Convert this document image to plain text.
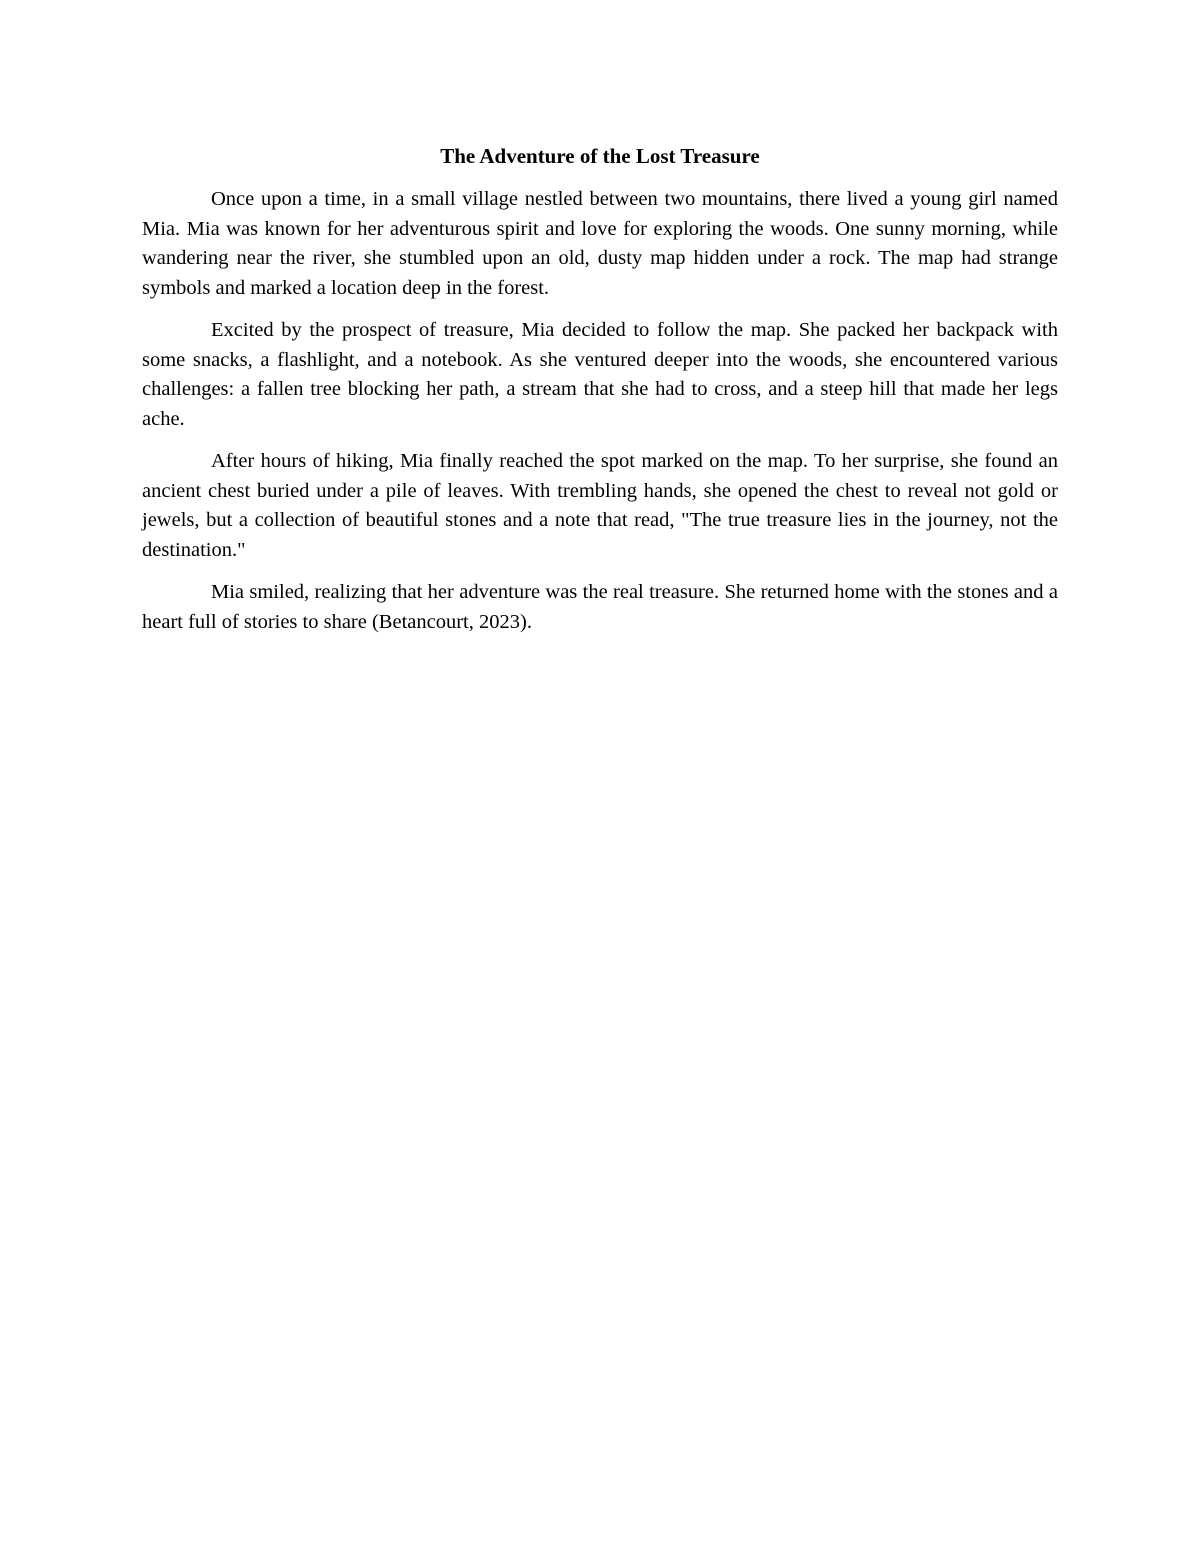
The Adventure of the Lost Treasure

Once upon a time, in a small village nestled between two mountains, there lived a young girl named Mia. Mia was known for her adventurous spirit and love for exploring the woods. One sunny morning, while wandering near the river, she stumbled upon an old, dusty map hidden under a rock. The map had strange symbols and marked a location deep in the forest.

Excited by the prospect of treasure, Mia decided to follow the map. She packed her backpack with some snacks, a flashlight, and a notebook. As she ventured deeper into the woods, she encountered various challenges: a fallen tree blocking her path, a stream that she had to cross, and a steep hill that made her legs ache.

After hours of hiking, Mia finally reached the spot marked on the map. To her surprise, she found an ancient chest buried under a pile of leaves. With trembling hands, she opened the chest to reveal not gold or jewels, but a collection of beautiful stones and a note that read, "The true treasure lies in the journey, not the destination."

Mia smiled, realizing that her adventure was the real treasure. She returned home with the stones and a heart full of stories to share (Betancourt, 2023).
